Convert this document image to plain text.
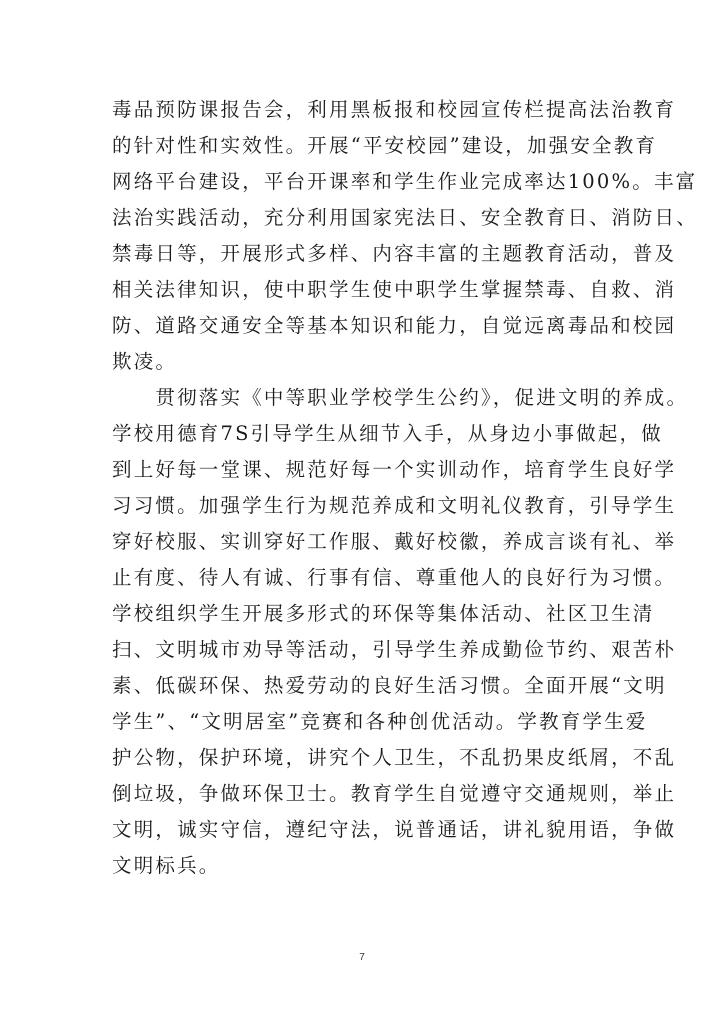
毒品预防课报告会，利用黑板报和校园宣传栏提高法治教育
的针对性和实效性。开展“平安校园”建设，加强安全教育
网络平台建设，平台开课率和学生作业完成率达100%。丰富
法治实践活动，充分利用国家宪法日、安全教育日、消防日、
禁毒日等，开展形式多样、内容丰富的主题教育活动，普及
相关法律知识，使中职学生使中职学生掌握禁毒、自救、消
防、道路交通安全等基本知识和能力，自觉远离毒品和校园
欺凌。
　　贯彻落实《中等职业学校学生公约》，促进文明的养成。
学校用德育7S引导学生从细节入手，从身边小事做起，做
到上好每一堂课、规范好每一个实训动作，培育学生良好学
习习惯。加强学生行为规范养成和文明礼仪教育，引导学生
穿好校服、实训穿好工作服、戴好校徽，养成言谈有礼、举
止有度、待人有诚、行事有信、尊重他人的良好行为习惯。
学校组织学生开展多形式的环保等集体活动、社区卫生清
扫、文明城市劝导等活动，引导学生养成勤俭节约、艰苦朴
素、低碳环保、热爱劳动的良好生活习惯。全面开展“文明
学生”、“文明居室”竞赛和各种创优活动。学教育学生爱
护公物，保护环境，讲究个人卫生，不乱扔果皮纸屑，不乱
倒垃圾，争做环保卫士。教育学生自觉遵守交通规则，举止
文明，诚实守信，遵纪守法，说普通话，讲礼貌用语，争做
文明标兵。
7
